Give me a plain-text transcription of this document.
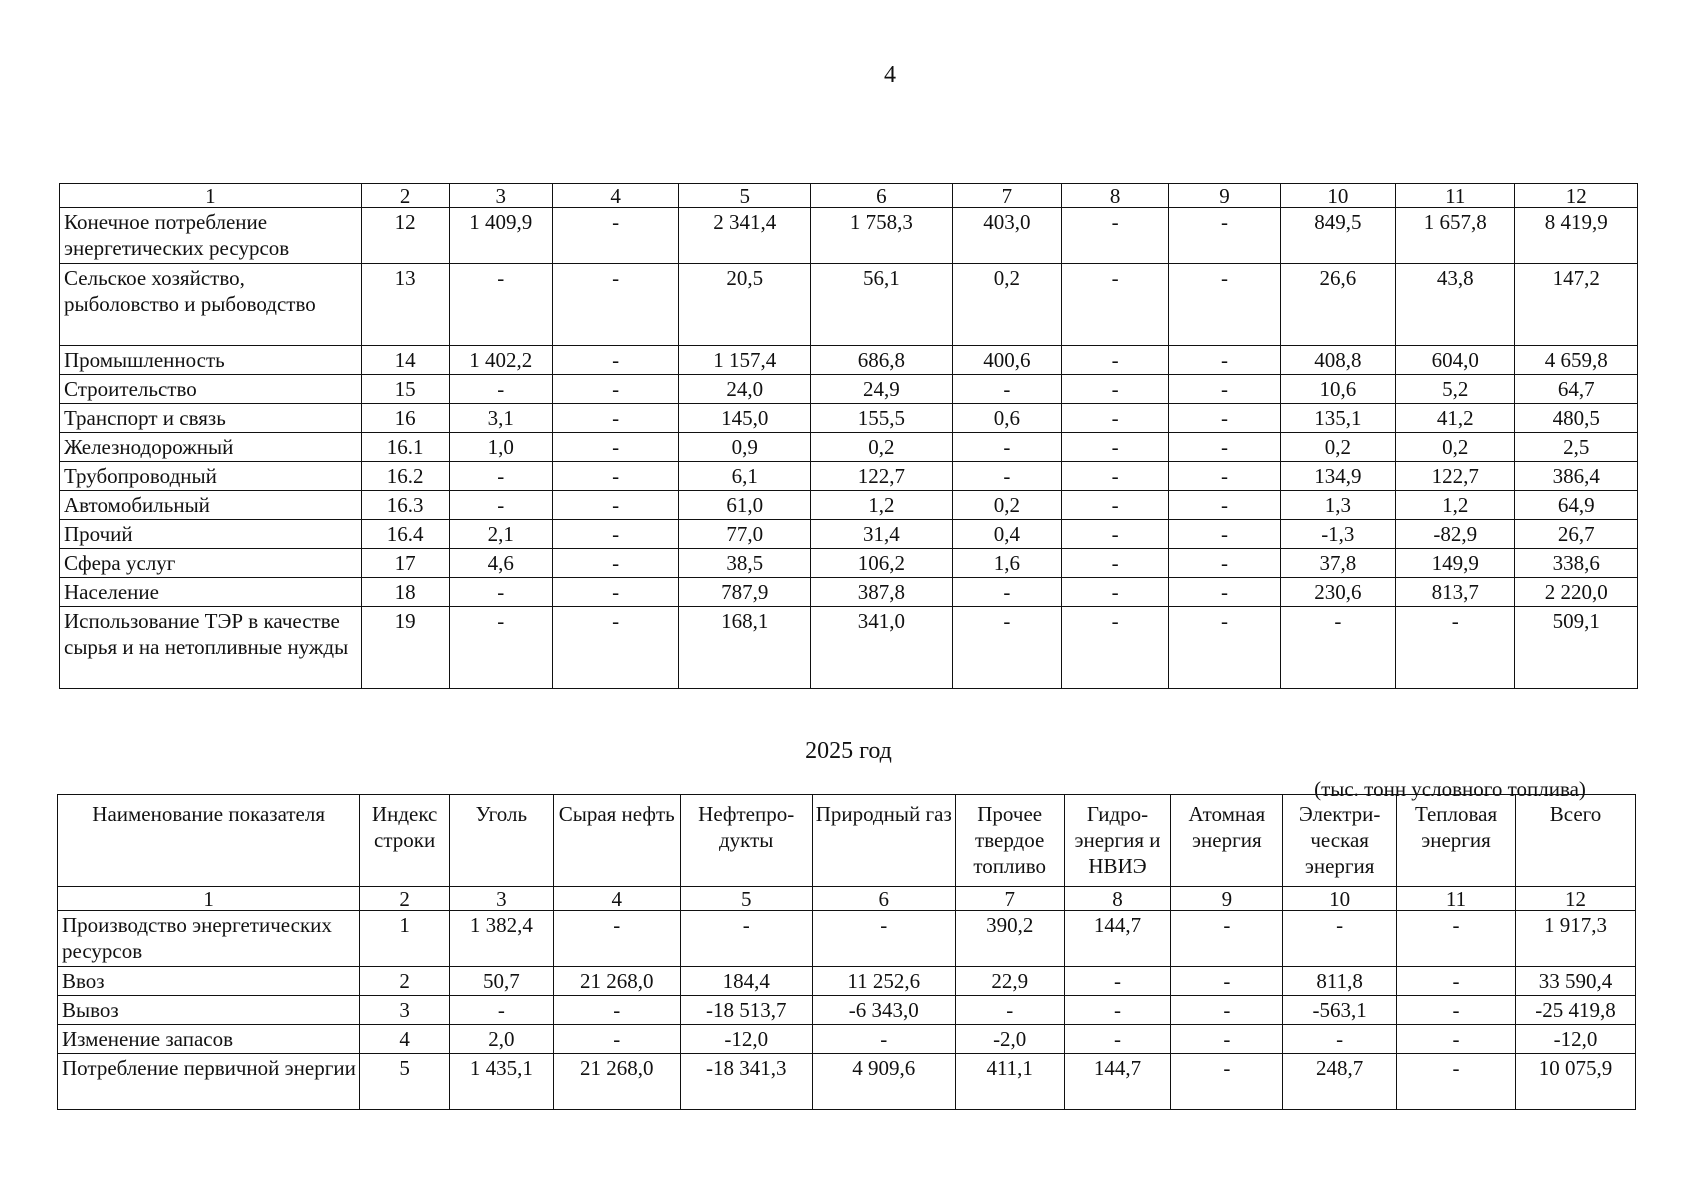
4
1	2	3	4	5	6	7	8	9	10	11	12
Конечное потребление энергетических ресурсов	12	1 409,9	-	2 341,4	1 758,3	403,0	-	-	849,5	1 657,8	8 419,9
Сельское хозяйство, рыболовство и рыбоводство	13	-	-	20,5	56,1	0,2	-	-	26,6	43,8	147,2
Промышленность	14	1 402,2	-	1 157,4	686,8	400,6	-	-	408,8	604,0	4 659,8
Строительство	15	-	-	24,0	24,9	-	-	-	10,6	5,2	64,7
Транспорт и связь	16	3,1	-	145,0	155,5	0,6	-	-	135,1	41,2	480,5
Железнодорожный	16.1	1,0	-	0,9	0,2	-	-	-	0,2	0,2	2,5
Трубопроводный	16.2	-	-	6,1	122,7	-	-	-	134,9	122,7	386,4
Автомобильный	16.3	-	-	61,0	1,2	0,2	-	-	1,3	1,2	64,9
Прочий	16.4	2,1	-	77,0	31,4	0,4	-	-	-1,3	-82,9	26,7
Сфера услуг	17	4,6	-	38,5	106,2	1,6	-	-	37,8	149,9	338,6
Население	18	-	-	787,9	387,8	-	-	-	230,6	813,7	2 220,0
Использование ТЭР в качестве сырья и на нетопливные нужды	19	-	-	168,1	341,0	-	-	-	-	-	509,1
2025 год
(тыс. тонн условного топлива)
Наименование показателя	Индекс строки	Уголь	Сырая нефть	Нефтепро-дукты	Природный газ	Прочее твердое топливо	Гидро-энергия и НВИЭ	Атомная энергия	Электри-ческая энергия	Тепловая энергия	Всего
1	2	3	4	5	6	7	8	9	10	11	12
Производство энергетических ресурсов	1	1 382,4	-	-	-	390,2	144,7	-	-	-	1 917,3
Ввоз	2	50,7	21 268,0	184,4	11 252,6	22,9	-	-	811,8	-	33 590,4
Вывоз	3	-	-	-18 513,7	-6 343,0	-	-	-	-563,1	-	-25 419,8
Изменение запасов	4	2,0	-	-12,0	-	-2,0	-	-	-	-	-12,0
Потребление первичной энергии	5	1 435,1	21 268,0	-18 341,3	4 909,6	411,1	144,7	-	248,7	-	10 075,9
